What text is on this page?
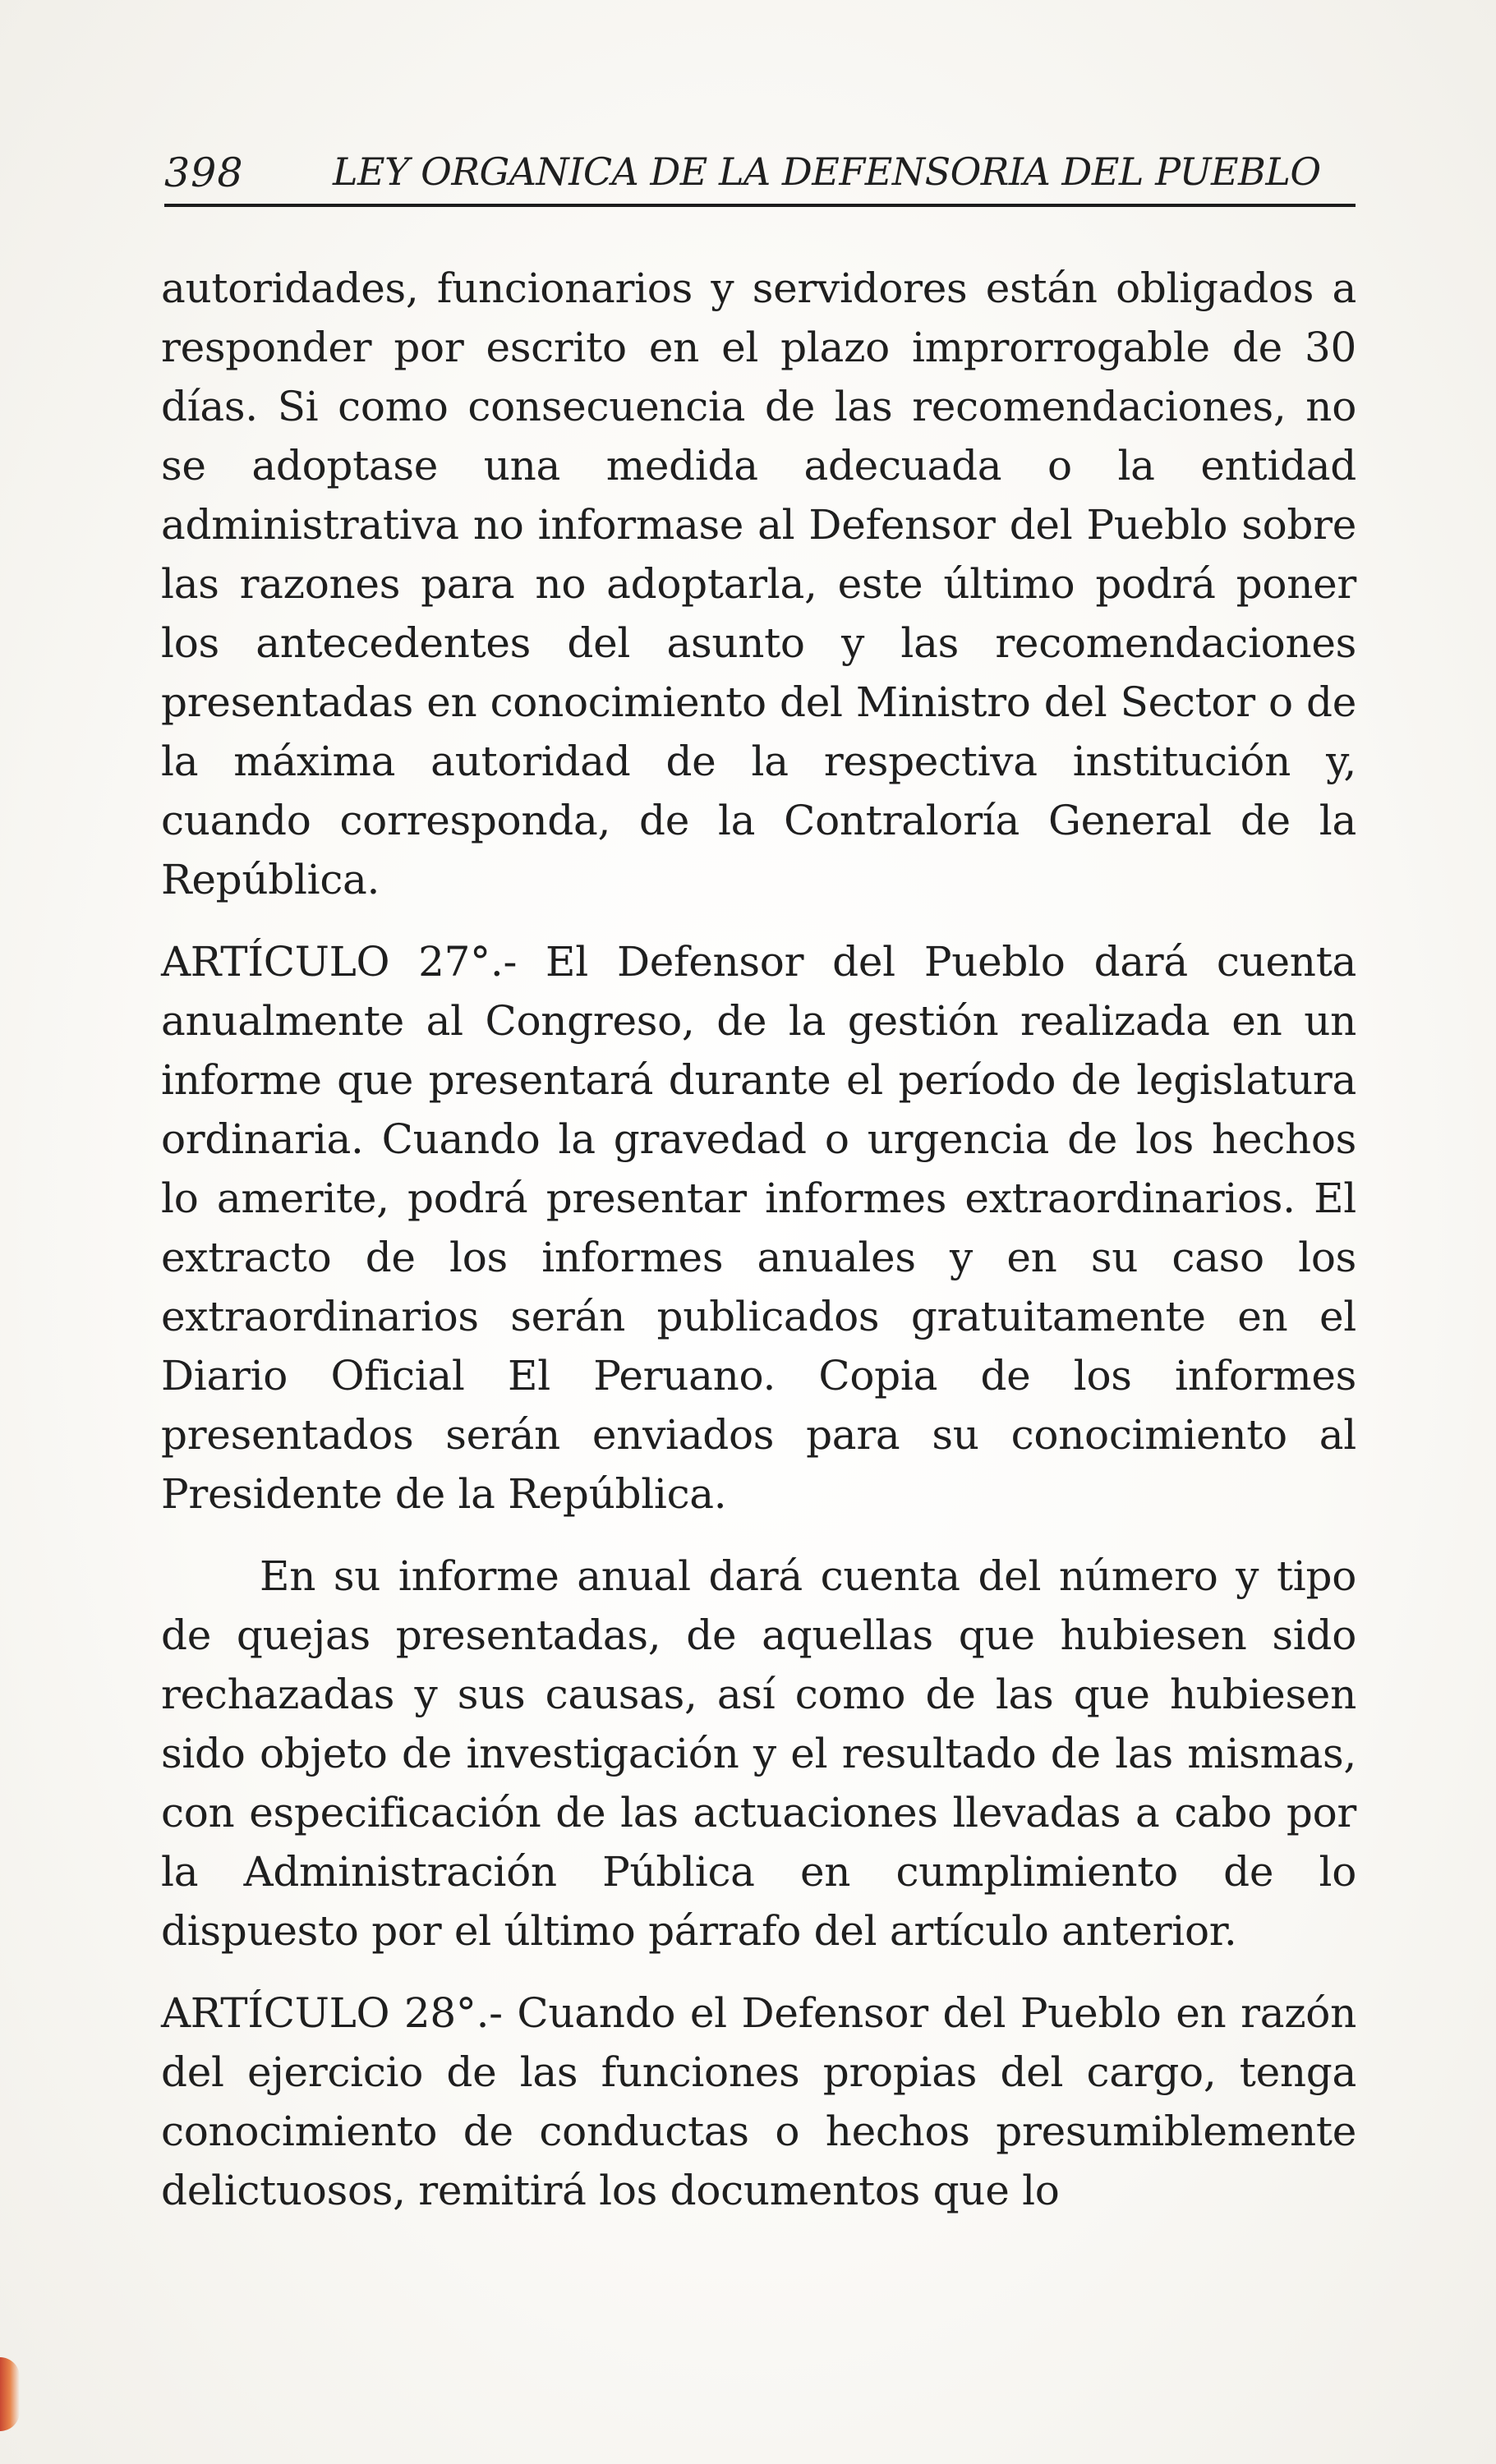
398 LEY ORGANICA DE LA DEFENSORIA DEL PUEBLO

autoridades, funcionarios y servidores están obligados a responder por escrito en el plazo improrrogable de 30 días. Si como consecuencia de las recomendaciones, no se adoptase una medida adecuada o la entidad administrativa no informase al Defensor del Pueblo sobre las razones para no adoptarla, este último podrá poner los antecedentes del asunto y las recomendaciones presentadas en conocimiento del Ministro del Sector o de la máxima autoridad de la respectiva institución y, cuando corresponda, de la Contraloría General de la República.

ARTÍCULO 27°.- El Defensor del Pueblo dará cuenta anualmente al Congreso, de la gestión realizada en un informe que presentará durante el período de legislatura ordinaria. Cuando la gravedad o urgencia de los hechos lo amerite, podrá presentar informes extraordinarios. El extracto de los informes anuales y en su caso los extraordinarios serán publicados gratuitamente en el Diario Oficial El Peruano. Copia de los informes presentados serán enviados para su conocimiento al Presidente de la República.

En su informe anual dará cuenta del número y tipo de quejas presentadas, de aquellas que hubiesen sido rechazadas y sus causas, así como de las que hubiesen sido objeto de investigación y el resultado de las mismas, con especificación de las actuaciones llevadas a cabo por la Administración Pública en cumplimiento de lo dispuesto por el último párrafo del artículo anterior.

ARTÍCULO 28°.- Cuando el Defensor del Pueblo en razón del ejercicio de las funciones propias del cargo, tenga conocimiento de conductas o hechos presumiblemente delictuosos, remitirá los documentos que lo
